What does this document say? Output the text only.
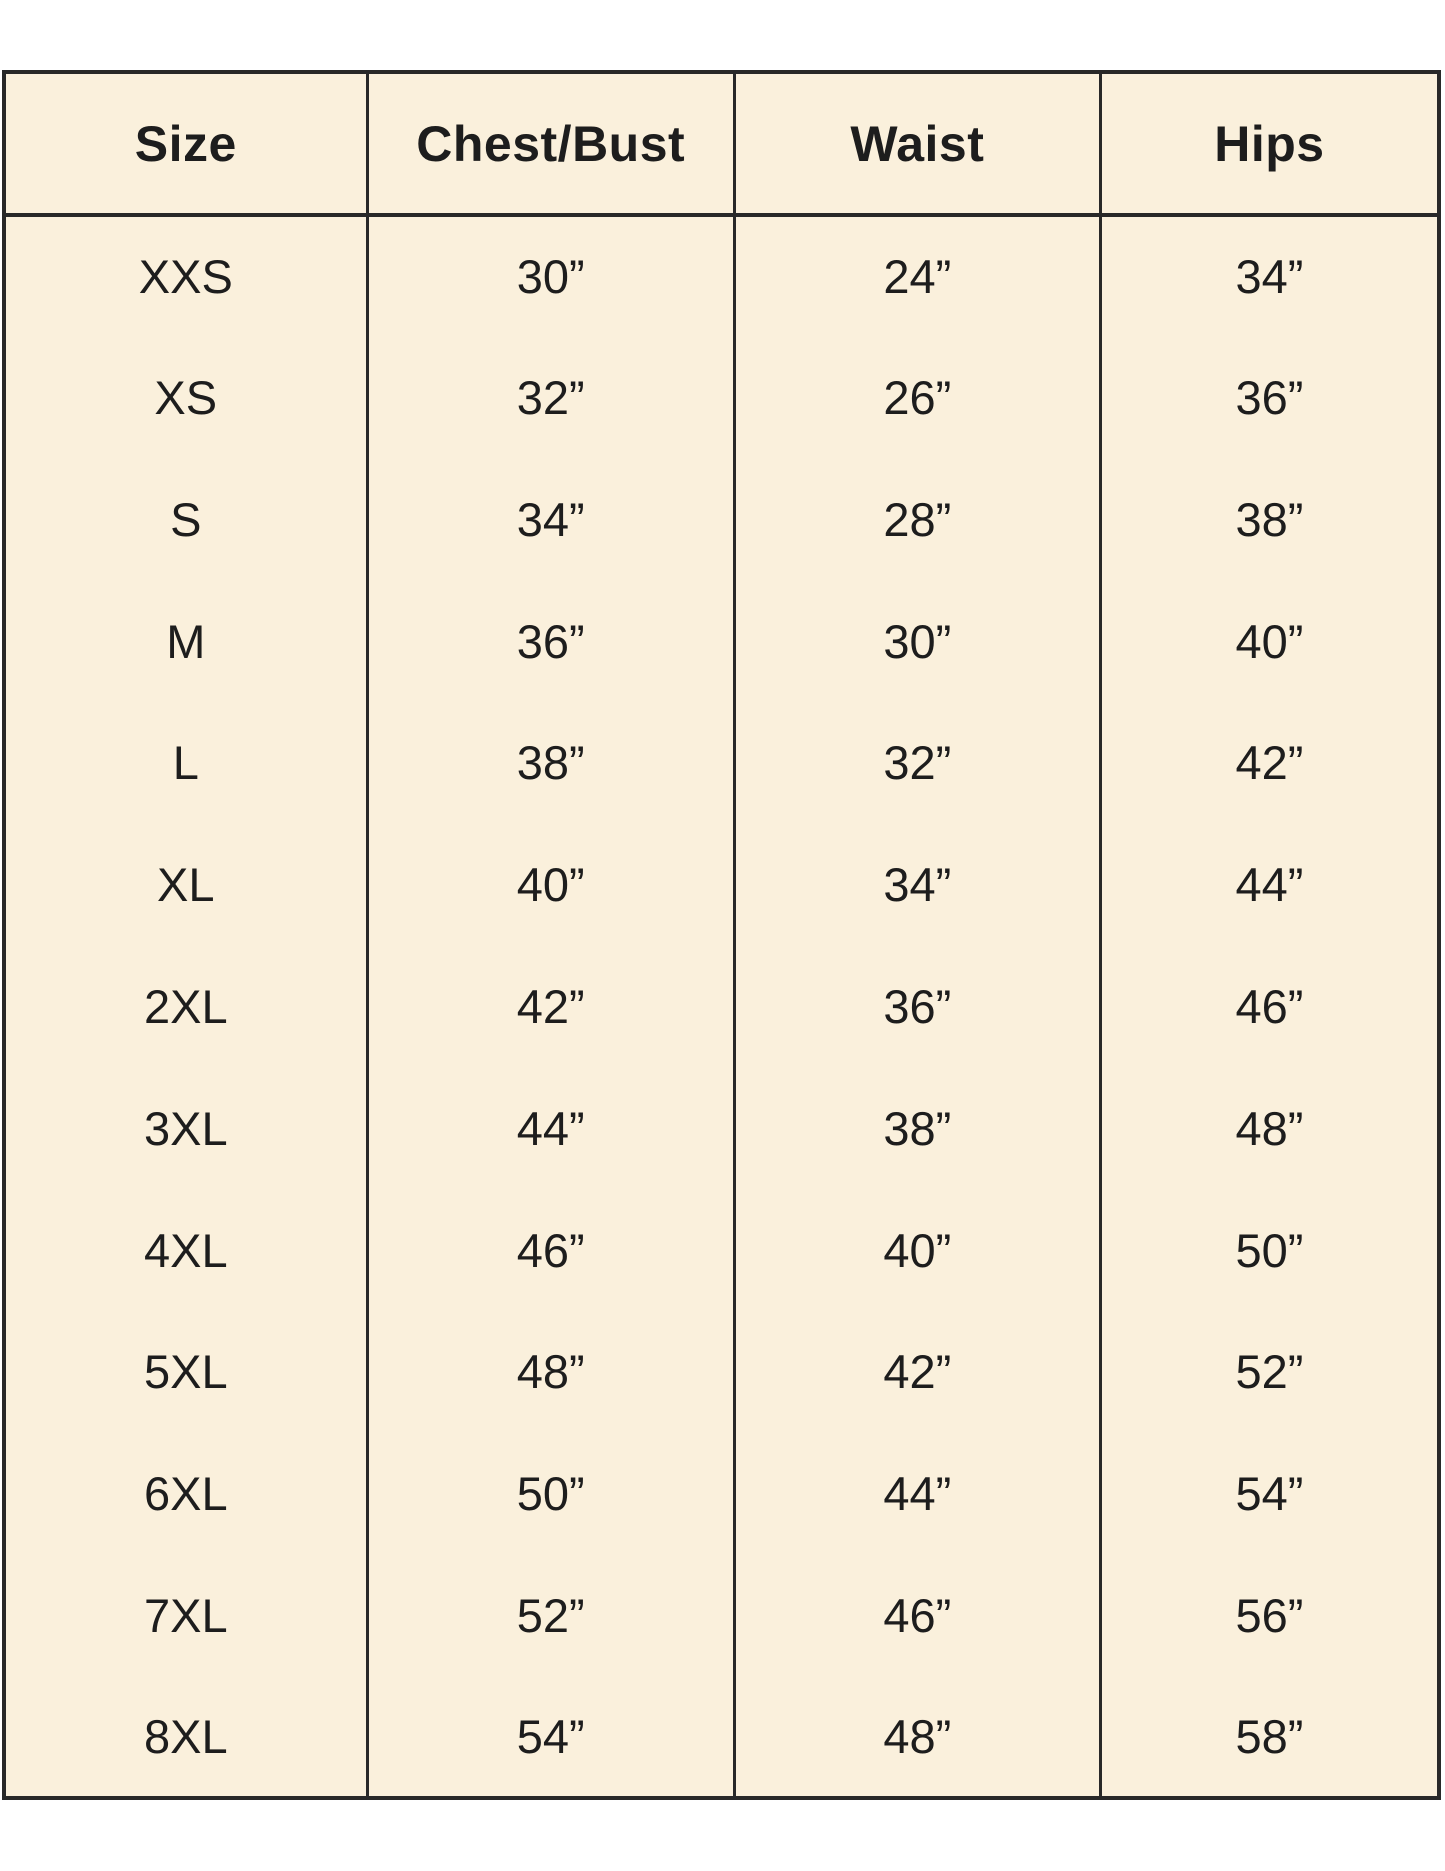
Size	Chest/Bust	Waist	Hips
XXS	30”	24”	34”
XS	32”	26”	36”
S	34”	28”	38”
M	36”	30”	40”
L	38”	32”	42”
XL	40”	34”	44”
2XL	42”	36”	46”
3XL	44”	38”	48”
4XL	46”	40”	50”
5XL	48”	42”	52”
6XL	50”	44”	54”
7XL	52”	46”	56”
8XL	54”	48”	58”
